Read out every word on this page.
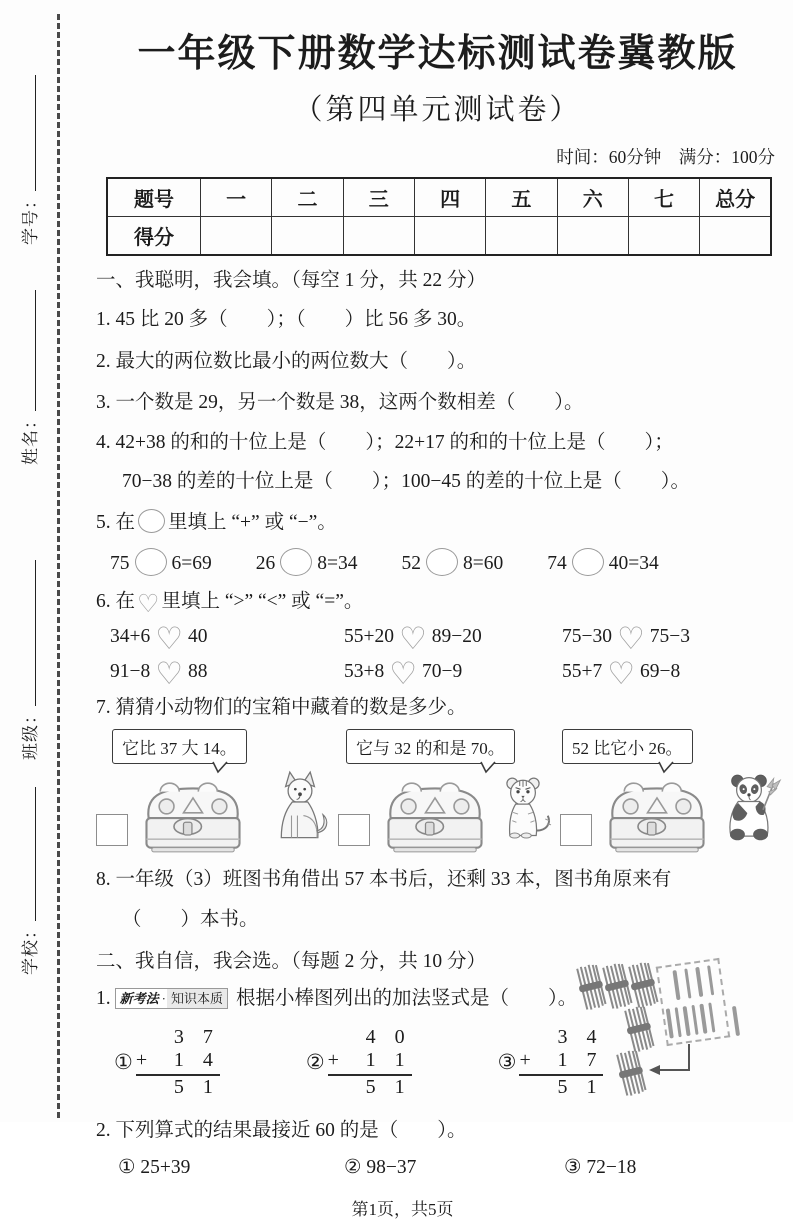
学号：
姓名：
班级：
学校：
一年级下册数学达标测试卷冀教版
（第四单元测试卷）
时间：60分钟　满分：100分
题号	一	二	三	四	五	六	七	总分
得分								
一、我聪明，我会填。（每空 1 分，共 22 分）
1. 45 比 20 多（　　）；（　　）比 56 多 30。
2. 最大的两位数比最小的两位数大（　　）。
3. 一个数是 29，另一个数是 38，这两个数相差（　　）。
4. 42+38 的和的十位上是（　　）；22+17 的和的十位上是（　　）；
70−38 的差的十位上是（　　）；100−45 的差的十位上是（　　）。
5. 在 里填上 “+” 或 “−”。
75 6=69 26 8=34 52 8=60 74 40=34
6. 在♡ 里填上 “>” “<” 或 “=”。
34+6 ♡ 40	55+20 ♡ 89−20	75−30 ♡ 75−3
91−8 ♡ 88	53+8 ♡ 70−9	55+7 ♡ 69−8
7. 猜猜小动物们的宝箱中藏着的数是多少。
它比 37 大 14。	它与 32 的和是 70。	52 比它小 26。
8. 一年级（3）班图书角借出 57 本书后，还剩 33 本，图书角原来有
（　　）本书。
二、我自信，我会选。（每题 2 分，共 10 分）
1. 新考法 · 知识本质 根据小棒图列出的加法竖式是（　　）。
①
3 7
+ 1 4
5 1
②
4 0
+ 1 1
5 1
③
3 4
+ 1 7
5 1
2. 下列算式的结果最接近 60 的是（　　）。
① 25+39	② 98−37	③ 72−18
第1页，共5页
